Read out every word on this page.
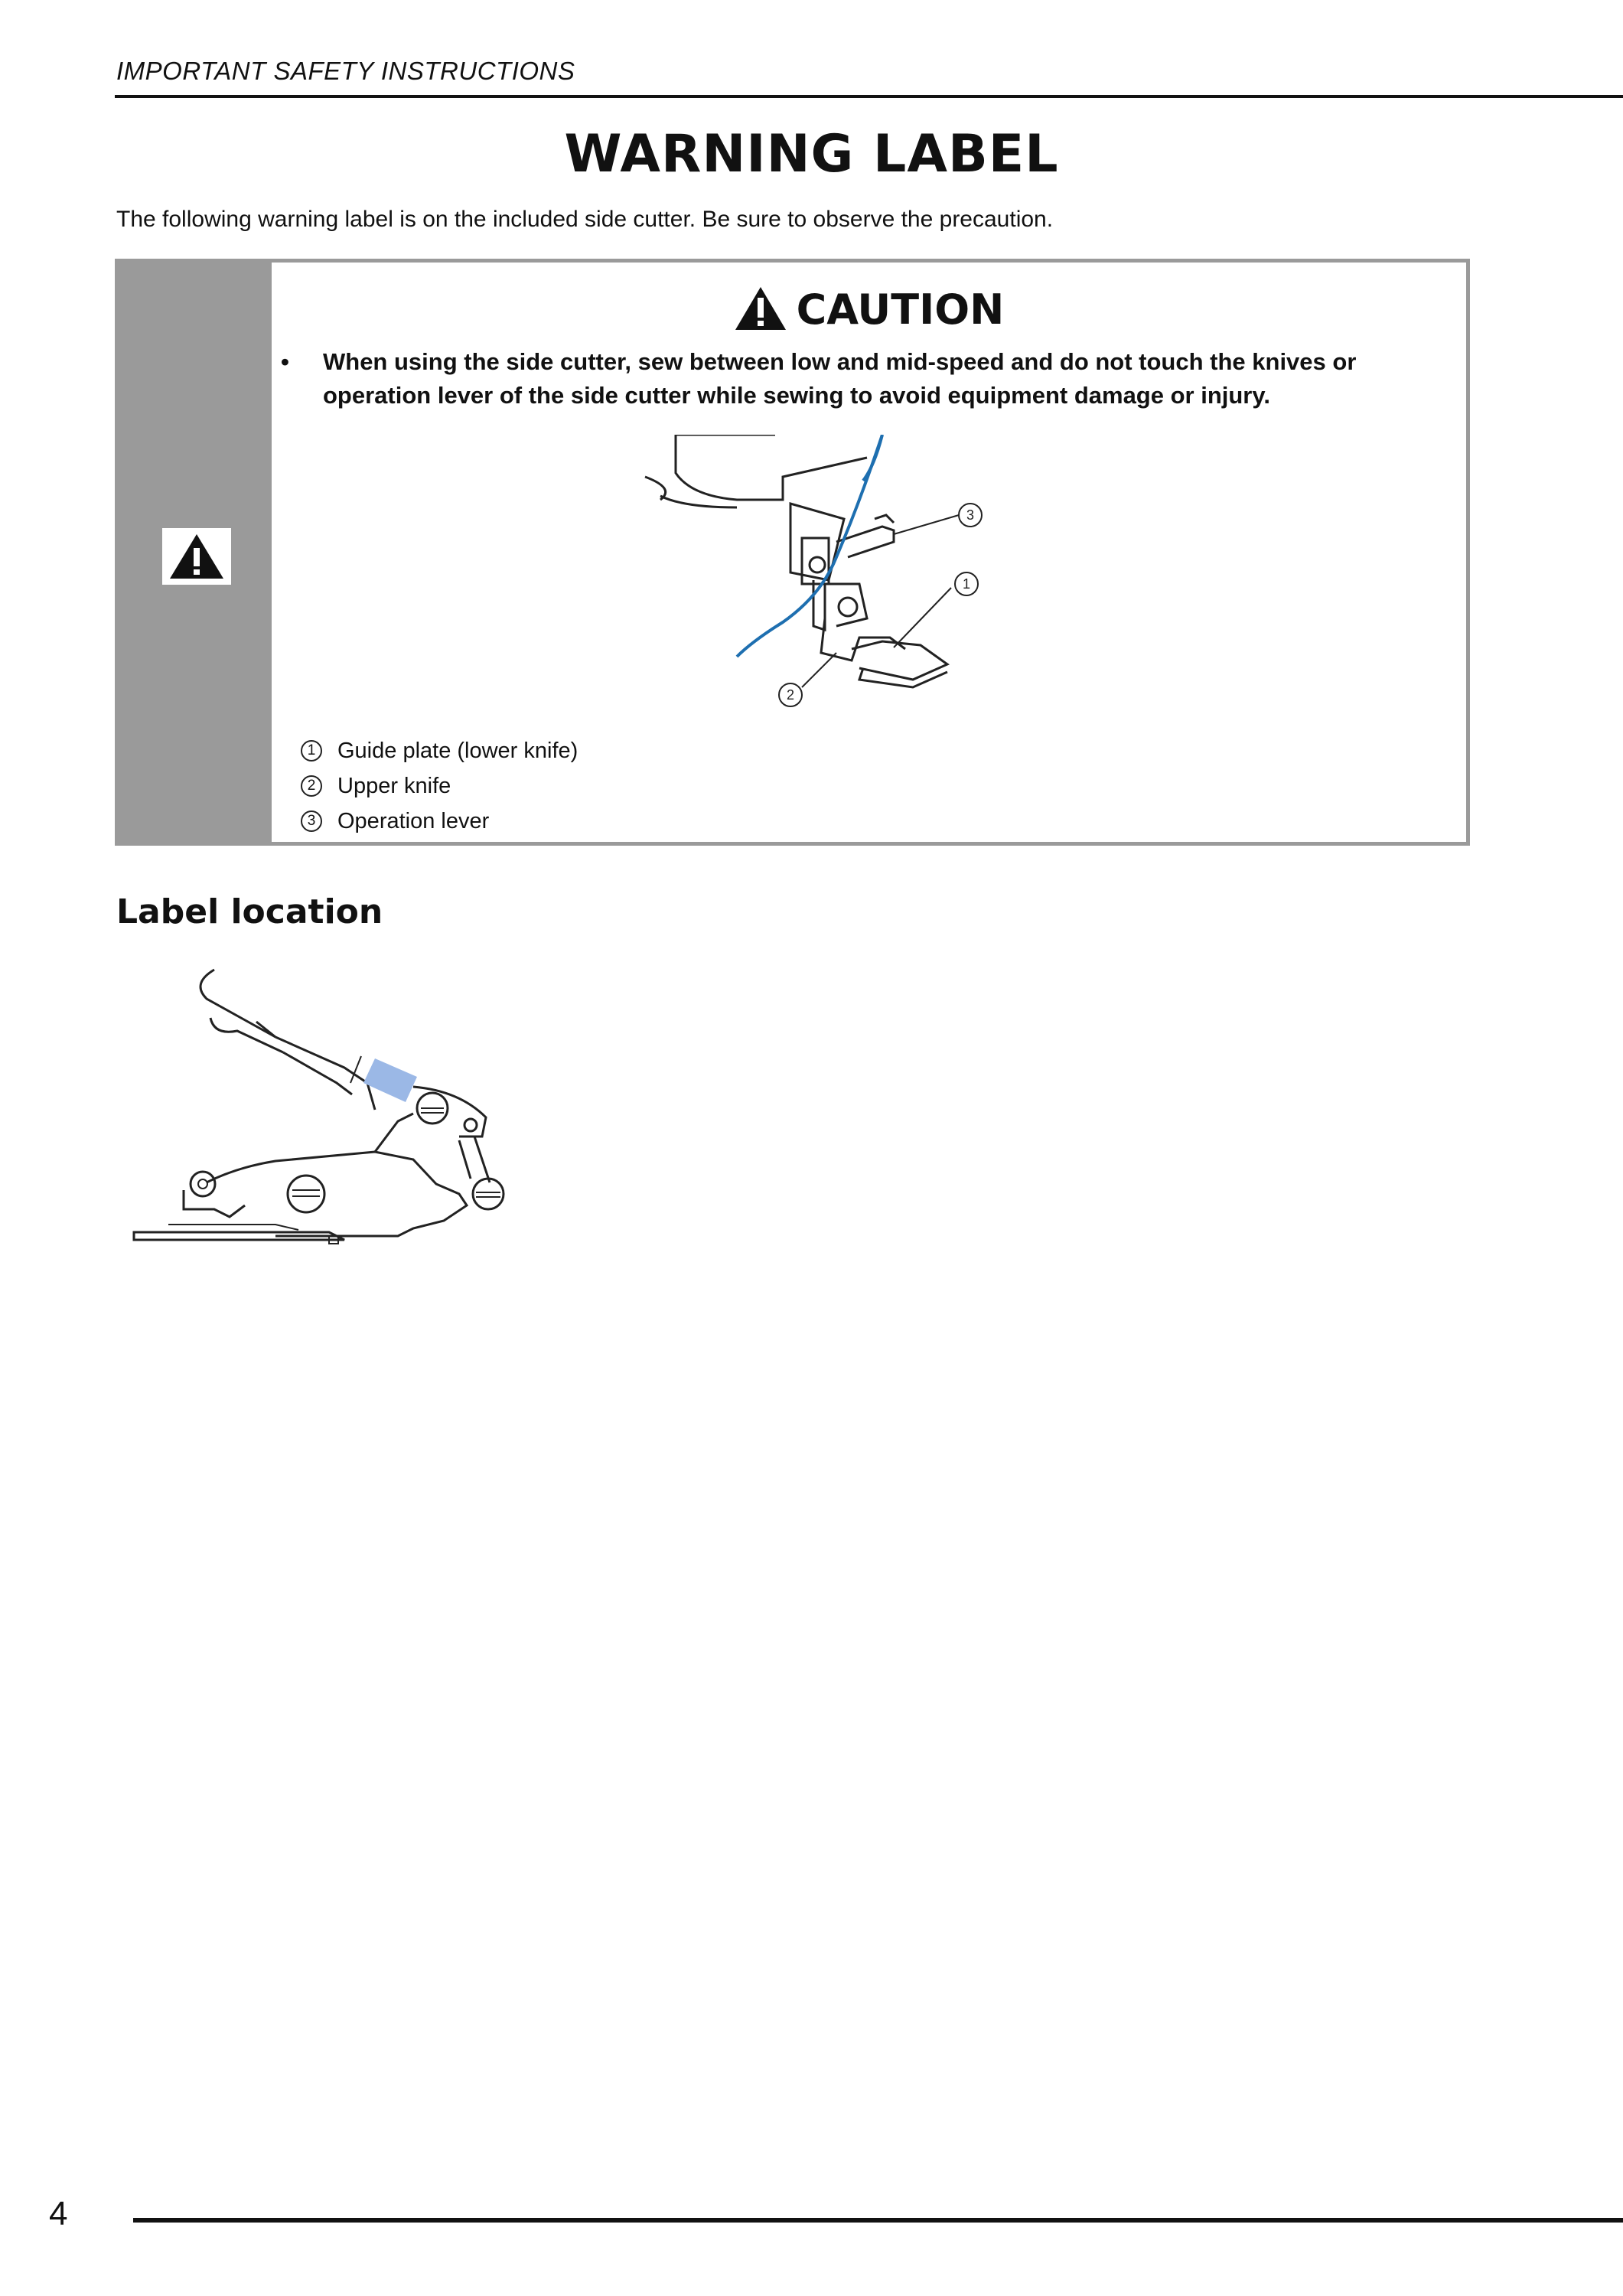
IMPORTANT SAFETY INSTRUCTIONS
WARNING LABEL
The following warning label is on the included side cutter. Be sure to observe the precaution.
CAUTION
•	When using the side cutter, sew between low and mid-speed and do not touch the knives or operation lever of the side cutter while sewing to avoid equipment damage or injury.
3
1
2
1 Guide plate (lower knife)
2 Upper knife
3 Operation lever
Label location
4
